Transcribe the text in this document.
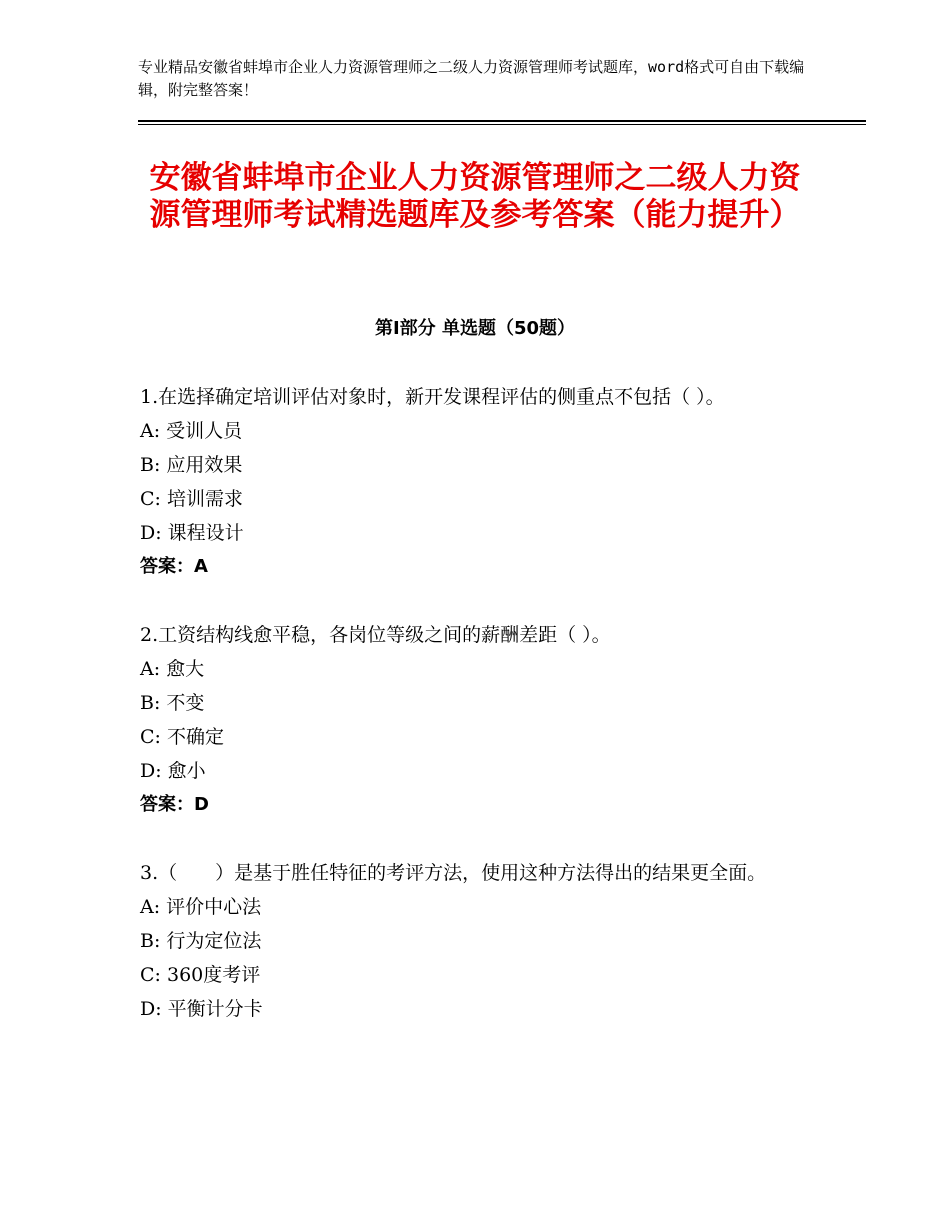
专业精品安徽省蚌埠市企业人力资源管理师之二级人力资源管理师考试题库，word格式可自由下载编辑，附完整答案！
安徽省蚌埠市企业人力资源管理师之二级人力资源管理师考试精选题库及参考答案（能力提升）
第Ⅰ部分 单选题（50题）
1.在选择确定培训评估对象时，新开发课程评估的侧重点不包括（ ）。
A: 受训人员
B: 应用效果
C: 培训需求
D: 课程设计
答案：A
2.工资结构线愈平稳，各岗位等级之间的薪酬差距（ ）。
A: 愈大
B: 不变
C: 不确定
D: 愈小
答案：D
3.（　　）是基于胜任特征的考评方法，使用这种方法得出的结果更全面。
A: 评价中心法
B: 行为定位法
C: 360度考评
D: 平衡计分卡
